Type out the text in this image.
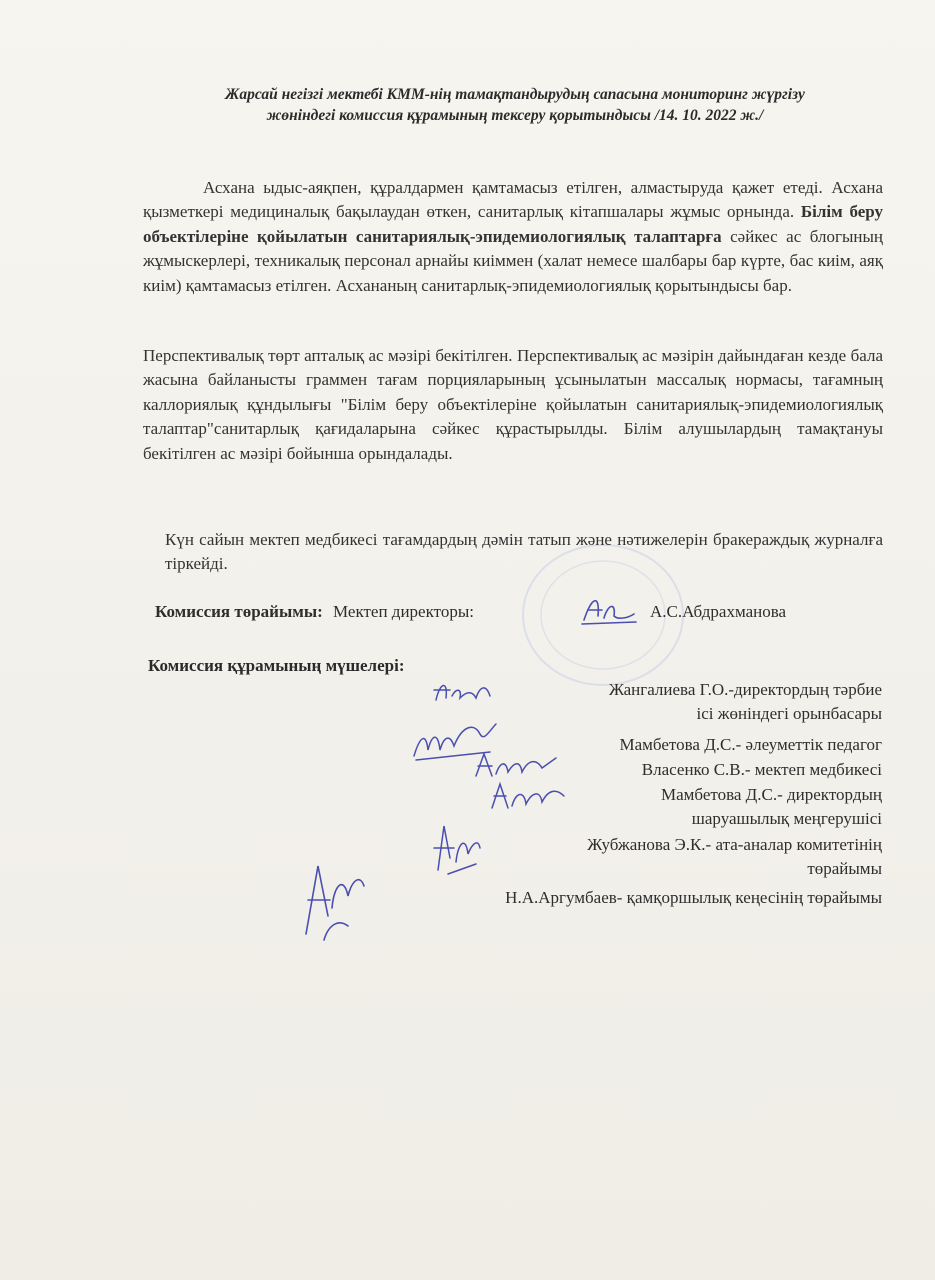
Жарсай негізгі мектебі КММ-нің тамақтандырудың сапасына мониторинг жүргізу
жөніндегі комиссия құрамының тексеру қорытындысы /14. 10. 2022 ж./

Асхана ыдыс-аяқпен, құралдармен қамтамасыз етілген, алмастыруда қажет етеді. Асхана қызметкері медициналық бақылаудан өткен, санитарлық кітапшалары жұмыс орнында. Білім беру объектілеріне қойылатын санитариялық-эпидемиологиялық талаптарға сәйкес ас блогының жұмыскерлері, техникалық персонал арнайы киіммен (халат немесе шалбары бар күрте, бас киім, аяқ киім) қамтамасыз етілген. Асхананың санитарлық-эпидемиологиялық қорытындысы бар.

Перспективалық төрт апталық ас мәзірі бекітілген. Перспективалық ас мәзірін дайындаған кезде бала жасына байланысты граммен тағам порцияларының ұсынылатын массалық нормасы, тағамның каллориялық құндылығы "Білім беру объектілеріне қойылатын санитариялық-эпидемиологиялық талаптар"санитарлық қағидаларына сәйкес құрастырылды. Білім алушылардың тамақтануы бекітілген ас мәзірі бойынша орындалады.

Күн сайын мектеп медбикесі тағамдардың дәмін татып және нәтижелерін бракераждық журналға тіркейді.

Комиссия төрайымы: Мектеп директоры:	А.С.Абдрахманова
Комиссия құрамының мүшелері:
Жангалиева Г.О.-директордың тәрбие
ісі жөніндегі орынбасары
Мамбетова Д.С.- әлеуметтік педагог
Власенко С.В.- мектеп медбикесі
Мамбетова Д.С.- директордың
шаруашылық меңгерушісі
Жубжанова Э.К.- ата-аналар комитетінің
төрайымы
Н.А.Аргумбаев- қамқоршылық кеңесінің төрайымы
